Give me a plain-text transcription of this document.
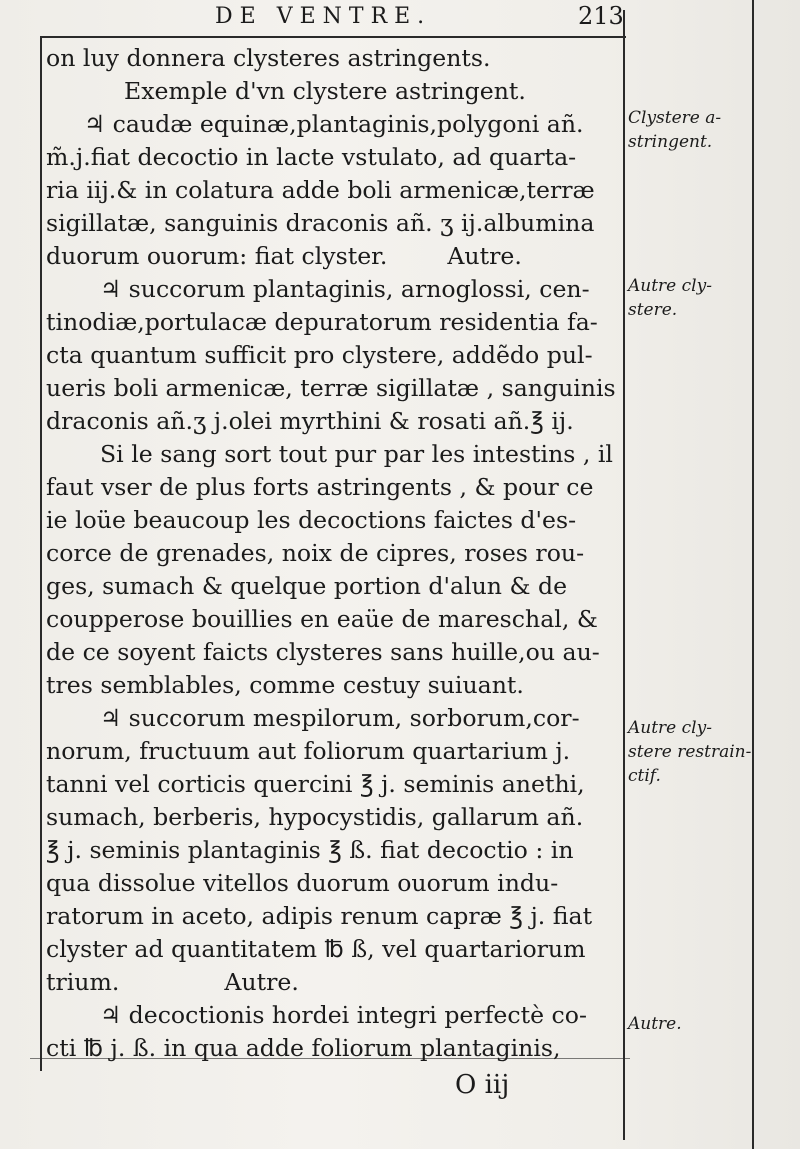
DE VENTRE.	213
on luy donnera clysteres astringents.
Exemple d'vn clystere astringent.
♃ caudæ equinæ,plantaginis,polygoni añ.
m̃.j.fiat decoctio in lacte vstulato, ad quarta-
ria iij.& in colatura adde boli armenicæ,terræ
sigillatæ, sanguinis draconis añ. ʒ ij.albumina
duorum ouorum: fiat clyster.        Autre.
♃ succorum plantaginis, arnoglossi, cen-
tinodiæ,portulacæ depuratorum residentia fa-
cta quantum sufficit pro clystere, addẽdo pul-
ueris boli armenicæ, terræ sigillatæ , sanguinis
draconis añ.ʒ j.olei myrthini & rosati añ.℥ ij.
Si le sang sort tout pur par les intestins , il
faut vser de plus forts astringents , & pour ce
ie loüe beaucoup les decoctions faictes d'es-
corce de grenades, noix de cipres, roses rou-
ges, sumach & quelque portion d'alun & de
coupperose bouillies en eaüe de mareschal, &
de ce soyent faicts clysteres sans huille,ou au-
tres semblables, comme cestuy suiuant.
♃ succorum mespilorum, sorborum,cor-
norum, fructuum aut foliorum quartarium j.
tanni vel corticis quercini ℥ j. seminis anethi,
sumach, berberis, hypocystidis, gallarum añ.
℥ j. seminis plantaginis ℥ ß. fiat decoctio : in
qua dissolue vitellos duorum ouorum indu-
ratorum in aceto, adipis renum capræ ℥ j. fiat
clyster ad quantitatem ℔ ß, vel quartariorum
trium.              Autre.
♃ decoctionis hordei integri perfectè co-
cti ℔ j. ß. in qua adde foliorum plantaginis,
Clystere a-
stringent.
Autre cly-
stere.
Autre cly-
stere restrain-
ctif.
Autre.

O iij
